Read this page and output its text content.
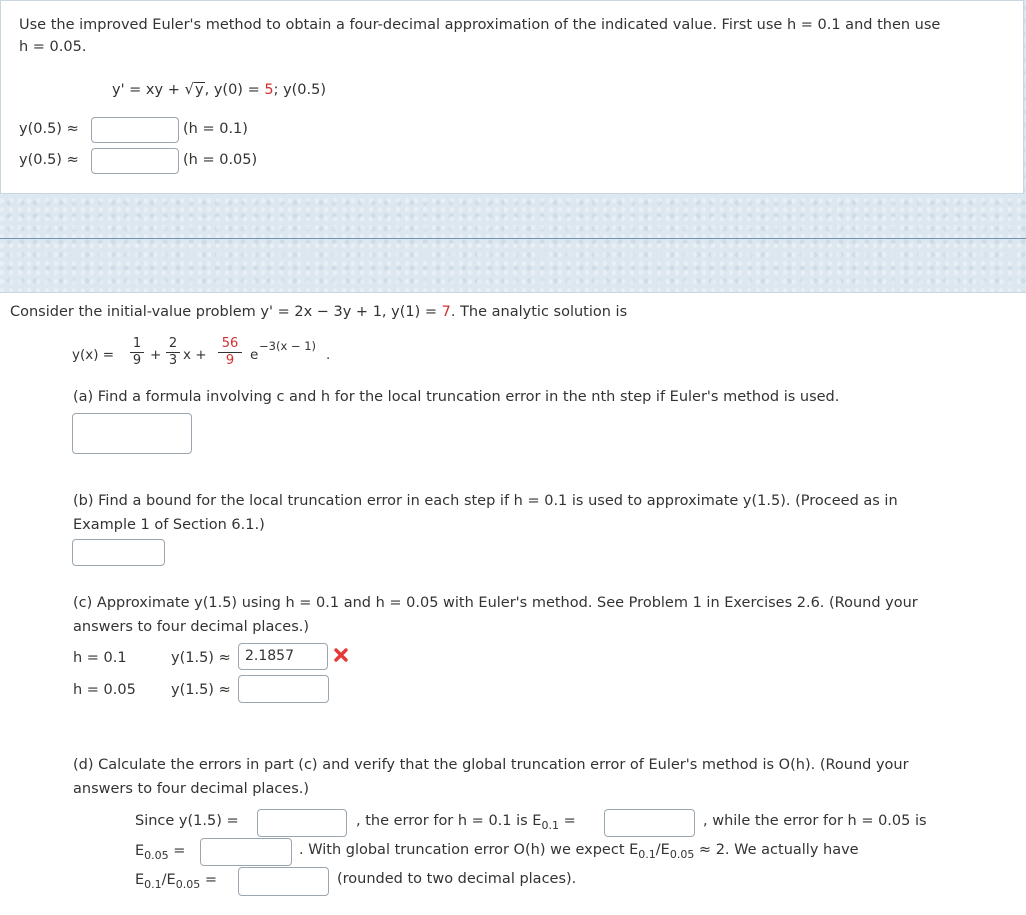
Use the improved Euler's method to obtain a four-decimal approximation of the indicated value. First use h = 0.1 and then use
h = 0.05.
y' = xy + √y, y(0) = 5; y(0.5)
y(0.5) ≈	(h = 0.1)
y(0.5) ≈	(h = 0.05)
Consider the initial-value problem y' = 2x − 3y + 1, y(1) = 7. The analytic solution is
y(x) =
1
9 +
2
3 x +
56
9	e
−3(x − 1)
.
(a) Find a formula involving c and h for the local truncation error in the nth step if Euler's method is used.
(b) Find a bound for the local truncation error in each step if h = 0.1 is used to approximate y(1.5). (Proceed as in
Example 1 of Section 6.1.)
(c) Approximate y(1.5) using h = 0.1 and h = 0.05 with Euler's method. See Problem 1 in Exercises 2.6. (Round your
answers to four decimal places.)
h = 0.1	y(1.5) ≈	2.1857
h = 0.05 y(1.5) ≈
(d) Calculate the errors in part (c) and verify that the global truncation error of Euler's method is O(h). (Round your
answers to four decimal places.)
Since y(1.5) =	, the error for h = 0.1 is $E_{0.1}$ =	, while the error for h = 0.05 is
$E_{0.05}$ =	. With global truncation error O(h) we expect $E_{0.1}/E_{0.05} \approx 2$. We actually have
$E_{0.1}/E_{0.05}$ =	(rounded to two decimal places).
